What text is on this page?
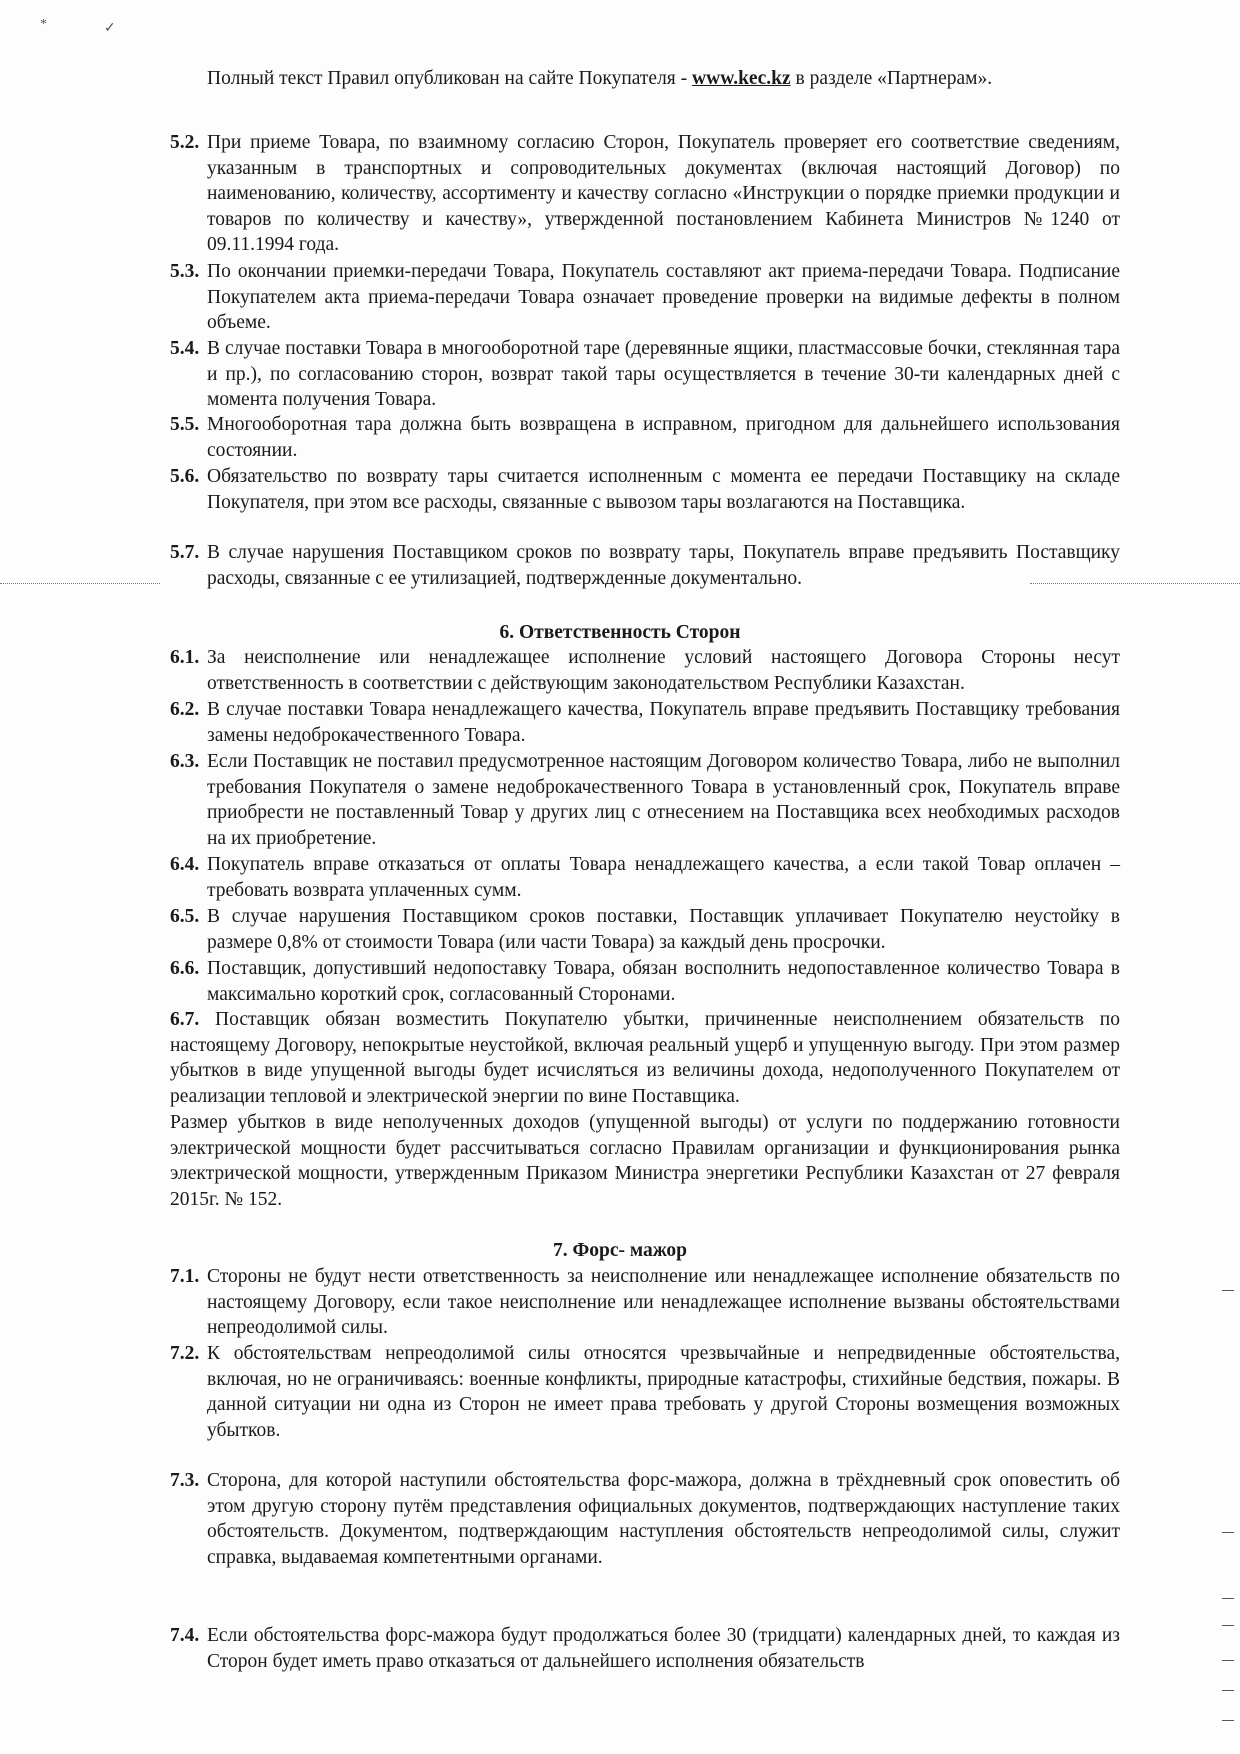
*	✓
Полный текст Правил опубликован на сайте Покупателя - www.kec.kz в разделе «Партнерам».
5.2. При приеме Товара, по взаимному согласию Сторон, Покупатель проверяет его соответствие сведениям, указанным в транспортных и сопроводительных документах (включая настоящий Договор) по наименованию, количеству, ассортименту и качеству согласно «Инструкции о порядке приемки продукции и товаров по количеству и качеству», утвержденной постановлением Кабинета Министров №1240 от 09.11.1994 года.
5.3. По окончании приемки-передачи Товара, Покупатель составляют акт приема-передачи Товара. Подписание Покупателем акта приема-передачи Товара означает проведение проверки на видимые дефекты в полном объеме.
5.4. В случае поставки Товара в многооборотной таре (деревянные ящики, пластмассовые бочки, стеклянная тара и пр.), по согласованию сторон, возврат такой тары осуществляется в течение 30-ти календарных дней с момента получения Товара.
5.5. Многооборотная тара должна быть возвращена в исправном, пригодном для дальнейшего использования состоянии.
5.6. Обязательство по возврату тары считается исполненным с момента ее передачи Поставщику на складе Покупателя, при этом все расходы, связанные с вывозом тары возлагаются на Поставщика.
5.7. В случае нарушения Поставщиком сроков по возврату тары, Покупатель вправе предъявить Поставщику расходы, связанные с ее утилизацией, подтвержденные документально.
6. Ответственность Сторон
6.1. За неисполнение или ненадлежащее исполнение условий настоящего Договора Стороны несут ответственность в соответствии с действующим законодательством Республики Казахстан.
6.2. В случае поставки Товара ненадлежащего качества, Покупатель вправе предъявить Поставщику требования замены недоброкачественного Товара.
6.3. Если Поставщик не поставил предусмотренное настоящим Договором количество Товара, либо не выполнил требования Покупателя о замене недоброкачественного Товара в установленный срок, Покупатель вправе приобрести не поставленный Товар у других лиц с отнесением на Поставщика всех необходимых расходов на их приобретение.
6.4. Покупатель вправе отказаться от оплаты Товара ненадлежащего качества, а если такой Товар оплачен – требовать возврата уплаченных сумм.
6.5. В случае нарушения Поставщиком сроков поставки, Поставщик уплачивает Покупателю неустойку в размере 0,8% от стоимости Товара (или части Товара) за каждый день просрочки.
6.6. Поставщик, допустивший недопоставку Товара, обязан восполнить недопоставленное количество Товара в максимально короткий срок, согласованный Сторонами.
6.7. Поставщик обязан возместить Покупателю убытки, причиненные неисполнением обязательств по настоящему Договору, непокрытые неустойкой, включая реальный ущерб и упущенную выгоду. При этом размер убытков в виде упущенной выгоды будет исчисляться из величины дохода, недополученного Покупателем от реализации тепловой и электрической энергии по вине Поставщика.
Размер убытков в виде неполученных доходов (упущенной выгоды) от услуги по поддержанию готовности электрической мощности будет рассчитываться согласно Правилам организации и функционирования рынка электрической мощности, утвержденным Приказом Министра энергетики Республики Казахстан от 27 февраля 2015г. № 152.
7. Форс- мажор
7.1. Стороны не будут нести ответственность за неисполнение или ненадлежащее исполнение обязательств по настоящему Договору, если такое неисполнение или ненадлежащее исполнение вызваны обстоятельствами непреодолимой силы.
7.2. К обстоятельствам непреодолимой силы относятся чрезвычайные и непредвиденные обстоятельства, включая, но не ограничиваясь: военные конфликты, природные катастрофы, стихийные бедствия, пожары. В данной ситуации ни одна из Сторон не имеет права требовать у другой Стороны возмещения возможных убытков.
7.3. Сторона, для которой наступили обстоятельства форс-мажора, должна в трёхдневный срок оповестить об этом другую сторону путём представления официальных документов, подтверждающих наступление таких обстоятельств. Документом, подтверждающим наступления обстоятельств непреодолимой силы, служит справка, выдаваемая компетентными органами.
7.4. Если обстоятельства форс-мажора будут продолжаться более 30 (тридцати) календарных дней, то каждая из Сторон будет иметь право отказаться от дальнейшего исполнения обязательств
